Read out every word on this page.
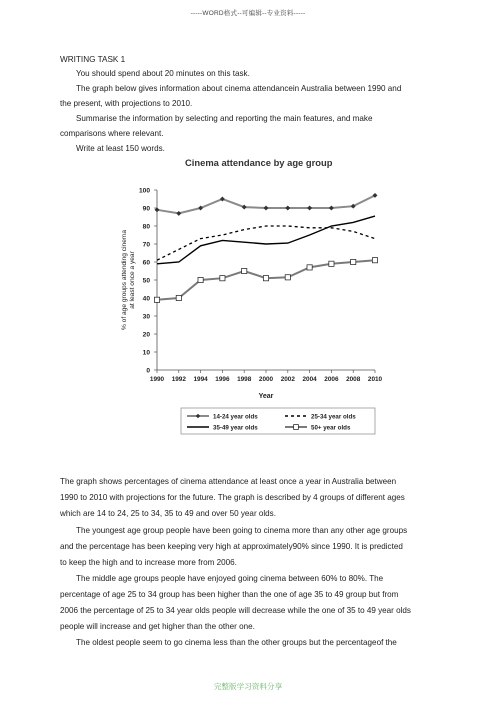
-----WORD格式--可编辑--专业资料-----
WRITING TASK 1
You should spend about 20 minutes on this task.
The graph below gives information about cinema attendancein Australia between 1990 and
the present, with projections to 2010.
Summarise the information by selecting and reporting the main features, and make
comparisons where relevant.
Write at least 150 words.
Cinema attendance by age group
0
10
20
30
40
50
60
70
80
90
100
1990 1992 1994 1996 1998 2000 2002 2004 2006 2008 2010
Year
% of age groups attending cinema at least once a year
14-24 year olds	25-34 year olds
35-49 year olds	50+ year olds
The graph shows percentages of cinema attendance at least once a year in Australia between
1990 to 2010 with projections for the future. The graph is described by 4 groups of different ages
which are 14 to 24, 25 to 34, 35 to 49 and over 50 year olds.
The youngest age group people have been going to cinema more than any other age groups
and the percentage has been keeping very high at approximately90% since 1990. It is predicted
to keep the high and to increase more from 2006.
The middle age groups people have enjoyed going cinema between 60% to 80%. The
percentage of age 25 to 34 group has been higher than the one of age 35 to 49 group but from
2006 the percentage of 25 to 34 year olds people will decrease while the one of 35 to 49 year olds
people will increase and get higher than the other one.
The oldest people seem to go cinema less than the other groups but the percentageof the
完整版学习资料分享
